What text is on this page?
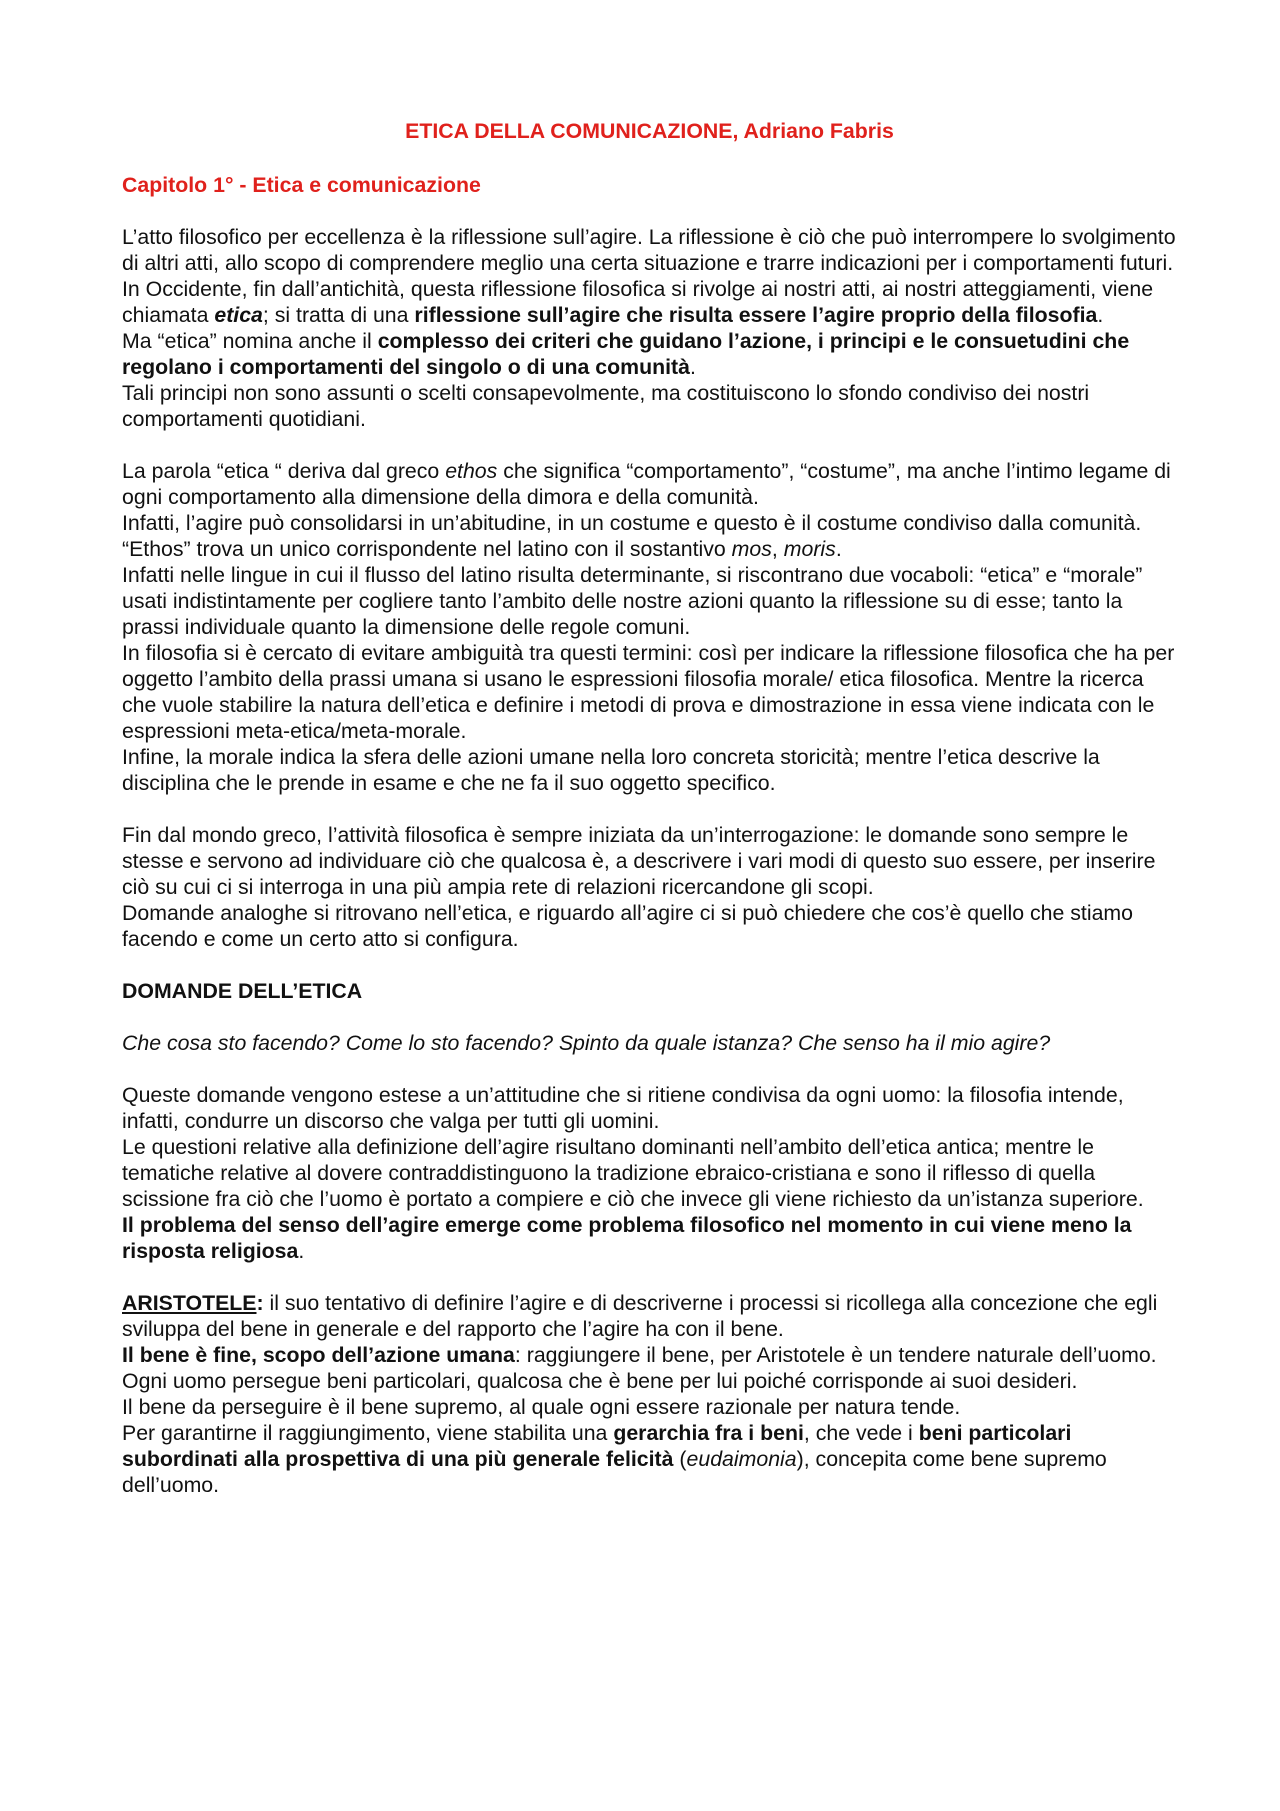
ETICA DELLA COMUNICAZIONE, Adriano Fabris
Capitolo 1° - Etica e comunicazione

L’atto filosofico per eccellenza è la riflessione sull’agire. La riflessione è ciò che può interrompere lo svolgimento di altri atti, allo scopo di comprendere meglio una certa situazione e trarre indicazioni per i comportamenti futuri.

In Occidente, fin dall’antichità, questa riflessione filosofica si rivolge ai nostri atti, ai nostri atteggiamenti, viene chiamata etica; si tratta di una riflessione sull’agire che risulta essere l’agire proprio della filosofia.

Ma “etica” nomina anche il complesso dei criteri che guidano l’azione, i principi e le consuetudini che regolano i comportamenti del singolo o di una comunità.

Tali principi non sono assunti o scelti consapevolmente, ma costituiscono lo sfondo condiviso dei nostri comportamenti quotidiani.

La parola “etica “ deriva dal greco ethos che significa “comportamento”, “costume”, ma anche l’intimo legame di ogni comportamento alla dimensione della dimora e della comunità.

Infatti, l’agire può consolidarsi in un’abitudine, in un costume e questo è il costume condiviso dalla comunità.

“Ethos” trova un unico corrispondente nel latino con il sostantivo mos, moris.

Infatti nelle lingue in cui il flusso del latino risulta determinante, si riscontrano due vocaboli: “etica” e “morale” usati indistintamente per cogliere tanto l’ambito delle nostre azioni quanto la riflessione su di esse; tanto la prassi individuale quanto la dimensione delle regole comuni.

In filosofia si è cercato di evitare ambiguità tra questi termini: così per indicare la riflessione filosofica che ha per oggetto l’ambito della prassi umana si usano le espressioni filosofia morale/ etica filosofica. Mentre la ricerca che vuole stabilire la natura dell’etica e definire i metodi di prova e dimostrazione in essa viene indicata con le espressioni meta-etica/meta-morale.

Infine, la morale indica la sfera delle azioni umane nella loro concreta storicità; mentre l’etica descrive la disciplina che le prende in esame e che ne fa il suo oggetto specifico.

Fin dal mondo greco, l’attività filosofica è sempre iniziata da un’interrogazione: le domande sono sempre le stesse e servono ad individuare ciò che qualcosa è, a descrivere i vari modi di questo suo essere, per inserire ciò su cui ci si interroga in una più ampia rete di relazioni ricercandone gli scopi.

Domande analoghe si ritrovano nell’etica, e riguardo all’agire ci si può chiedere che cos’è quello che stiamo facendo e come un certo atto si configura.

DOMANDE DELL’ETICA

Che cosa sto facendo? Come lo sto facendo? Spinto da quale istanza? Che senso ha il mio agire?

Queste domande vengono estese a un’attitudine che si ritiene condivisa da ogni uomo: la filosofia intende, infatti, condurre un discorso che valga per tutti gli uomini.

Le questioni relative alla definizione dell’agire risultano dominanti nell’ambito dell’etica antica; mentre le tematiche relative al dovere contraddistinguono la tradizione ebraico-cristiana e sono il riflesso di quella scissione fra ciò che l’uomo è portato a compiere e ciò che invece gli viene richiesto da un’istanza superiore.

Il problema del senso dell’agire emerge come problema filosofico nel momento in cui viene meno la risposta religiosa.

ARISTOTELE: il suo tentativo di definire l’agire e di descriverne i processi si ricollega alla concezione che egli sviluppa del bene in generale e del rapporto che l’agire ha con il bene.

Il bene è fine, scopo dell’azione umana: raggiungere il bene, per Aristotele è un tendere naturale dell’uomo. Ogni uomo persegue beni particolari, qualcosa che è bene per lui poiché corrisponde ai suoi desideri.

Il bene da perseguire è il bene supremo, al quale ogni essere razionale per natura tende.

Per garantirne il raggiungimento, viene stabilita una gerarchia fra i beni, che vede i beni particolari subordinati alla prospettiva di una più generale felicità (eudaimonia), concepita come bene supremo dell’uomo.
